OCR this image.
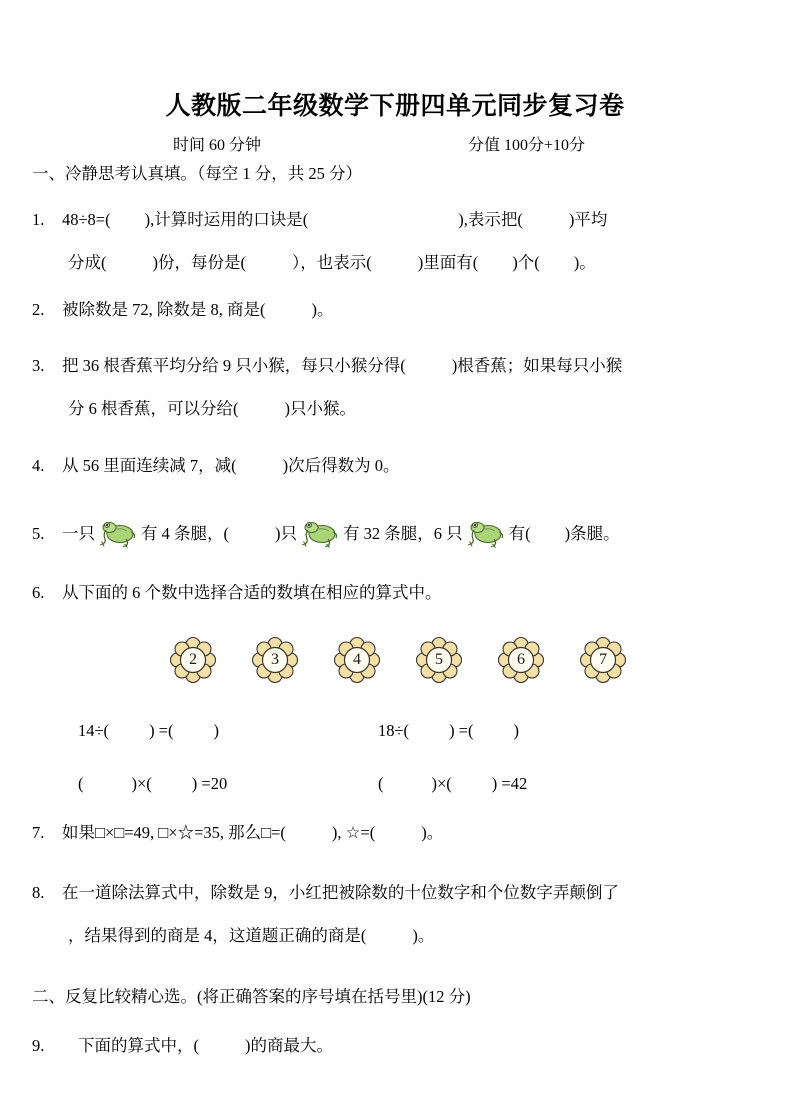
人教版二年级数学下册四单元同步复习卷
时间 60 分钟	分值 100分+10分
一、冷静思考认真填。（每空 1 分，共 25 分）
1. 48÷8=( ),计算时运用的口诀是(	),表示把(	)平均
分成(	)份，每份是(	），也表示(	)里面有( )个( )。
2. 被除数是 72, 除数是 8, 商是(	)。
3. 把 36 根香蕉平均分给 9 只小猴，每只小猴分得(	)根香蕉；如果每只小猴
分 6 根香蕉，可以分给(	)只小猴。
4. 从 56 里面连续减 7，减(	)次后得数为 0。
5. 一只	有 4 条腿，(	)只	有 32 条腿，6 只	有( )条腿。
6. 从下面的 6 个数中选择合适的数填在相应的算式中。
2	3	4	5	6	7
14÷( ) =( )	18÷( ) =( )
(	)×( ) =20	(	)×( ) =42
7. 如果□×□=49, □×☆=35, 那么□=(	), ☆=(	)。
8. 在一道除法算式中，除数是 9，小红把被除数的十位数字和个位数字弄颠倒了
，结果得到的商是 4，这道题正确的商是(	)。
二、反复比较精心选。(将正确答案的序号填在括号里)(12 分)
9. 下面的算式中，(	)的商最大。
